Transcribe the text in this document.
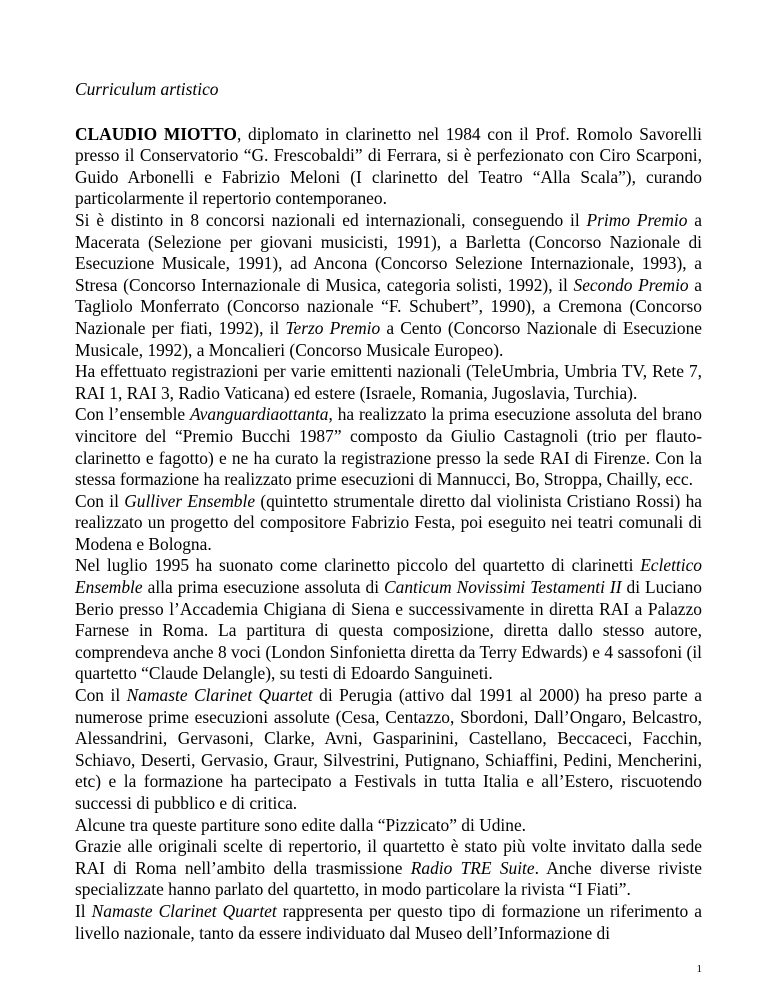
Curriculum artistico

CLAUDIO MIOTTO, diplomato in clarinetto nel 1984 con il Prof. Romolo Savorelli presso il Conservatorio “G. Frescobaldi” di Ferrara, si è perfezionato con Ciro Scarponi, Guido Arbonelli e Fabrizio Meloni (I clarinetto del Teatro “Alla Scala”), curando particolarmente il repertorio contemporaneo.

Si è distinto in 8 concorsi nazionali ed internazionali, conseguendo il Primo Premio a Macerata (Selezione per giovani musicisti, 1991), a Barletta (Concorso Nazionale di Esecuzione Musicale, 1991), ad Ancona (Concorso Selezione Internazionale, 1993), a Stresa (Concorso Internazionale di Musica, categoria solisti, 1992), il Secondo Premio a Tagliolo Monferrato (Concorso nazionale “F. Schubert”, 1990), a Cremona (Concorso Nazionale per fiati, 1992), il Terzo Premio a Cento (Concorso Nazionale di Esecuzione Musicale, 1992), a Moncalieri (Concorso Musicale Europeo).

Ha effettuato registrazioni per varie emittenti nazionali (TeleUmbria, Umbria TV, Rete 7, RAI 1, RAI 3, Radio Vaticana) ed estere (Israele, Romania, Jugoslavia, Turchia).

Con l’ensemble Avanguardiaottanta, ha realizzato la prima esecuzione assoluta del brano vincitore del “Premio Bucchi 1987” composto da Giulio Castagnoli (trio per flauto-clarinetto e fagotto) e ne ha curato la registrazione presso la sede RAI di Firenze. Con la stessa formazione ha realizzato prime esecuzioni di Mannucci, Bo, Stroppa, Chailly, ecc.

Con il Gulliver Ensemble (quintetto strumentale diretto dal violinista Cristiano Rossi) ha realizzato un progetto del compositore Fabrizio Festa, poi eseguito nei teatri comunali di Modena e Bologna.

Nel luglio 1995 ha suonato come clarinetto piccolo del quartetto di clarinetti Eclettico Ensemble alla prima esecuzione assoluta di Canticum Novissimi Testamenti II di Luciano Berio presso l’Accademia Chigiana di Siena e successivamente in diretta RAI a Palazzo Farnese in Roma. La partitura di questa composizione, diretta dallo stesso autore, comprendeva anche 8 voci (London Sinfonietta diretta da Terry Edwards) e 4 sassofoni (il quartetto “Claude Delangle), su testi di Edoardo Sanguineti.

Con il Namaste Clarinet Quartet di Perugia (attivo dal 1991 al 2000) ha preso parte a numerose prime esecuzioni assolute (Cesa, Centazzo, Sbordoni, Dall’Ongaro, Belcastro, Alessandrini, Gervasoni, Clarke, Avni, Gasparinini, Castellano, Beccaceci, Facchin, Schiavo, Deserti, Gervasio, Graur, Silvestrini, Putignano, Schiaffini, Pedini, Mencherini, etc) e la formazione ha partecipato a Festivals in tutta Italia e all’Estero, riscuotendo successi di pubblico e di critica.

Alcune tra queste partiture sono edite dalla “Pizzicato” di Udine.

Grazie alle originali scelte di repertorio, il quartetto è stato più volte invitato dalla sede RAI di Roma nell’ambito della trasmissione Radio TRE Suite. Anche diverse riviste specializzate hanno parlato del quartetto, in modo particolare la rivista “I Fiati”.

Il Namaste Clarinet Quartet rappresenta per questo tipo di formazione un riferimento a livello nazionale, tanto da essere individuato dal Museo dell’Informazione di

1
